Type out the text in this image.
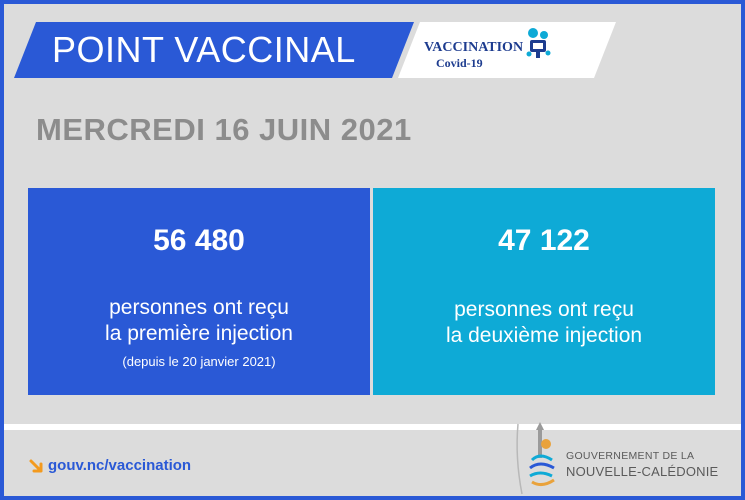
POINT VACCINAL	VACCINATION
Covid-19
MERCREDI 16 JUIN 2021
56 480
personnes ont reçu
la première injection
(depuis le 20 janvier 2021)
47 122
personnes ont reçu
la deuxième injection
gouv.nc/vaccination
GOUVERNEMENT DE LA
NOUVELLE-CALÉDONIE
